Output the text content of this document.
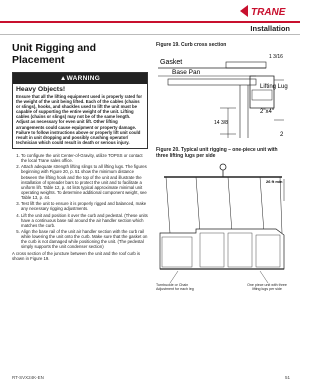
TRANE
Installation
Unit Rigging and Placement
▲WARNING
Heavy Objects!
Ensure that all the lifting equipment used is properly rated for the weight of the unit being lifted. Each of the cables (chains or slings), hooks, and shackles used to lift the unit must be capable of supporting the entire weight of the unit. Lifting cables (chains or slings) may not be of the same length. Adjust as necessary for even unit lift. Other lifting arrangements could cause equipment or property damage. Failure to follow instructions above or properly lift unit could result in unit dropping and possibly crushing operator/ technician which could result in death or serious injury.
1. To configure the unit Center-of-Gravity, utilize TOPSS or contact the local Trane sales office.
2. Attach adequate strength lifting slings to all lifting lugs. The figures beginning with Figure 20, p. 51 show the minimum distance between the lifting hook and the top of the unit and illustrate the installation of spreader bars to protect the unit and to facilitate a uniform lift. Table 12, p. 44 lists typical approximate minimal unit operating weights. To determine additional component weight, see Table 13, p. 44.
3. Test lift the unit to ensure it is properly rigged and balanced, make any necessary rigging adjustments.
4. Lift the unit and position it over the curb and pedestal. (These units have a continuous base rail around the air handler section which matches the curb.
5. Align the base rail of the unit air handler section with the curb rail while lowering the unit onto the curb. Make sure that the gasket on the curb is not damaged while positioning the unit. (The pedestal simply supports the unit condenser section)
A cross section of the juncture between the unit and the roof curb is shown in Figure 19.
Figure 19. Curb cross section
1 3/16
Gasket
Base Pan
Lifting Lug
2"x4"
14 3/8
2
Figure 20. Typical unit rigging – one-piece unit with three lifting lugs per side
26 ft min
Turnbuckle or Chain Adjustment for each leg
One piece unit with three lifting lugs per side
RT-SVX24K-EN	51
